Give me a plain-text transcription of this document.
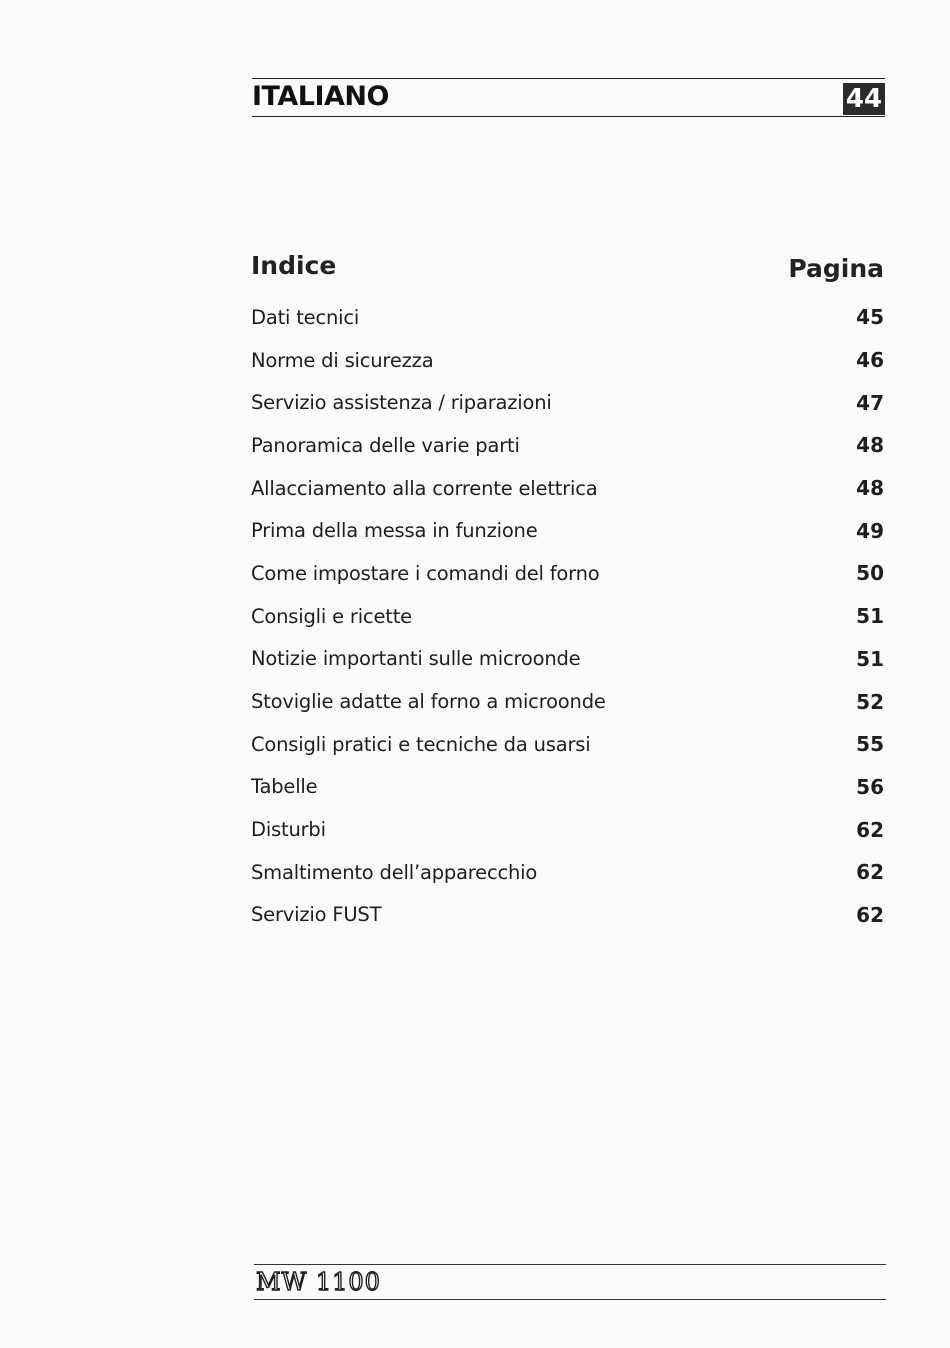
ITALIANO	44
Indice	Pagina
Dati tecnici	45
Norme di sicurezza	46
Servizio assistenza / riparazioni	47
Panoramica delle varie parti	48
Allacciamento alla corrente elettrica	48
Prima della messa in funzione	49
Come impostare i comandi del forno	50
Consigli e ricette	51
Notizie importanti sulle microonde	51
Stoviglie adatte al forno a microonde	52
Consigli pratici e tecniche da usarsi	55
Tabelle	56
Disturbi	62
Smaltimento dell’apparecchio	62
Servizio FUST	62
MW 1100
